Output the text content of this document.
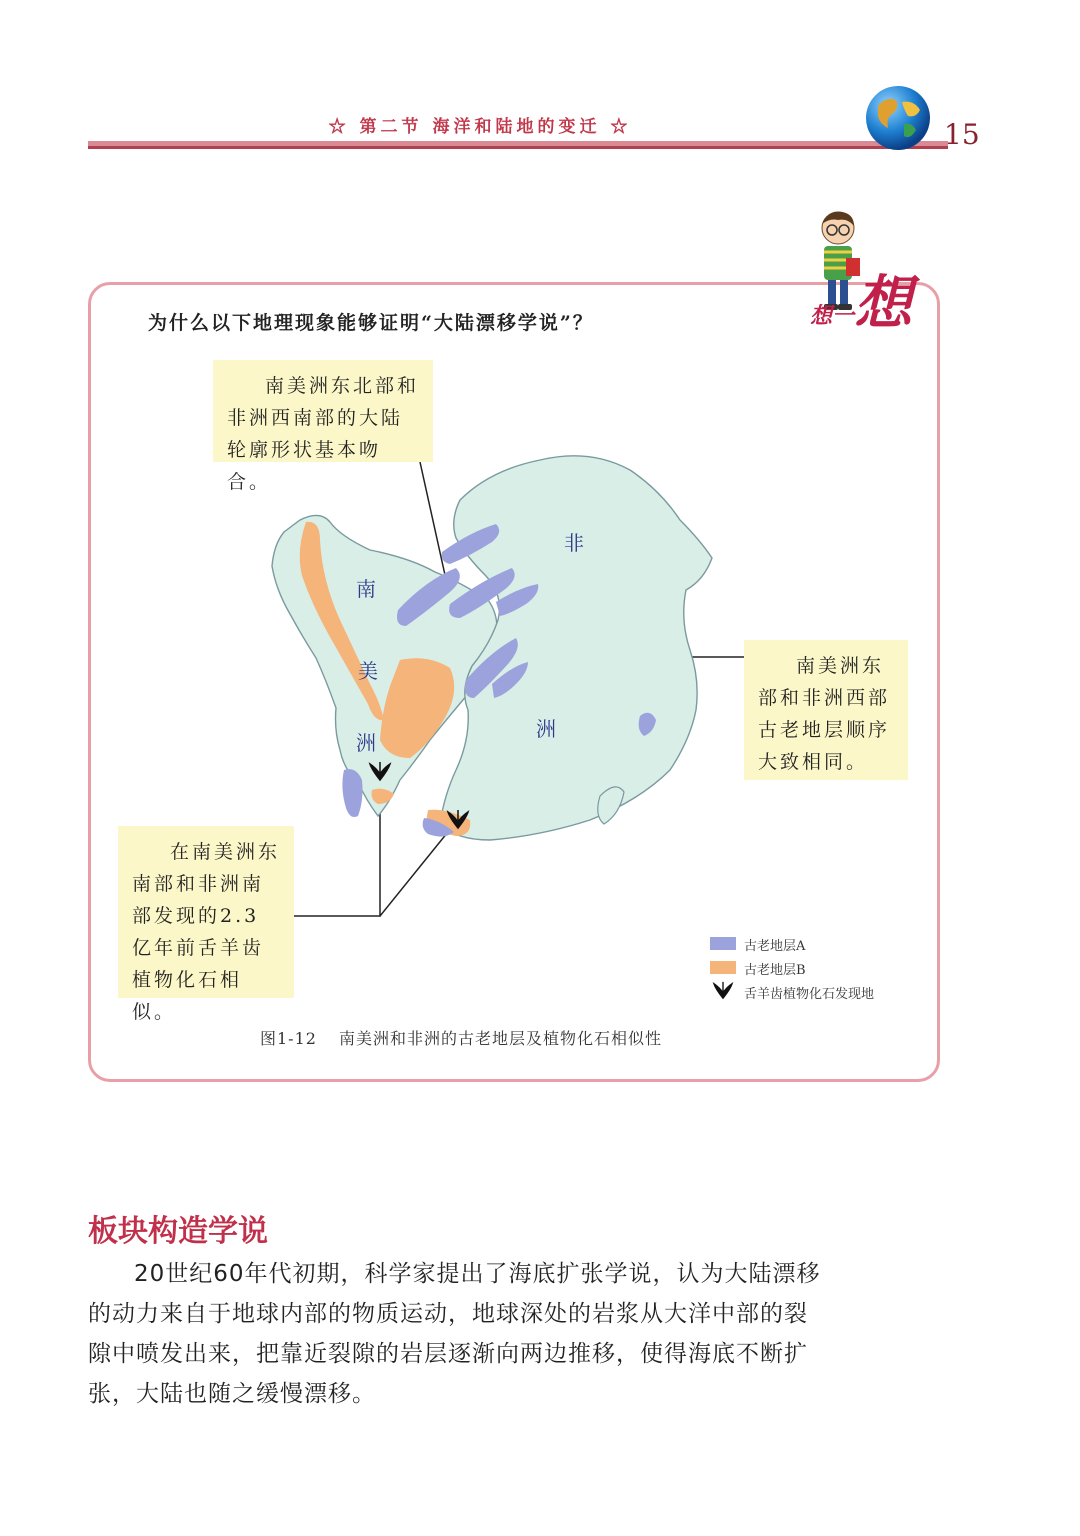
☆ 第二节 海洋和陆地的变迁 ☆	15
想一想
为什么以下地理现象能够证明“大陆漂移学说”？
南
美
洲
非
洲
南美洲东北部和非洲西南部的大陆轮廓形状基本吻合。
南美洲东部和非洲西部古老地层顺序大致相同。
在南美洲东南部和非洲南部发现的2.3亿年前舌羊齿植物化石相似。
古老地层A
古老地层B
舌羊齿植物化石发现地
图1-12 南美洲和非洲的古老地层及植物化石相似性
板块构造学说
20世纪60年代初期，科学家提出了海底扩张学说，认为大陆漂移的动力来自于地球内部的物质运动，地球深处的岩浆从大洋中部的裂隙中喷发出来，把靠近裂隙的岩层逐渐向两边推移，使得海底不断扩张，大陆也随之缓慢漂移。
